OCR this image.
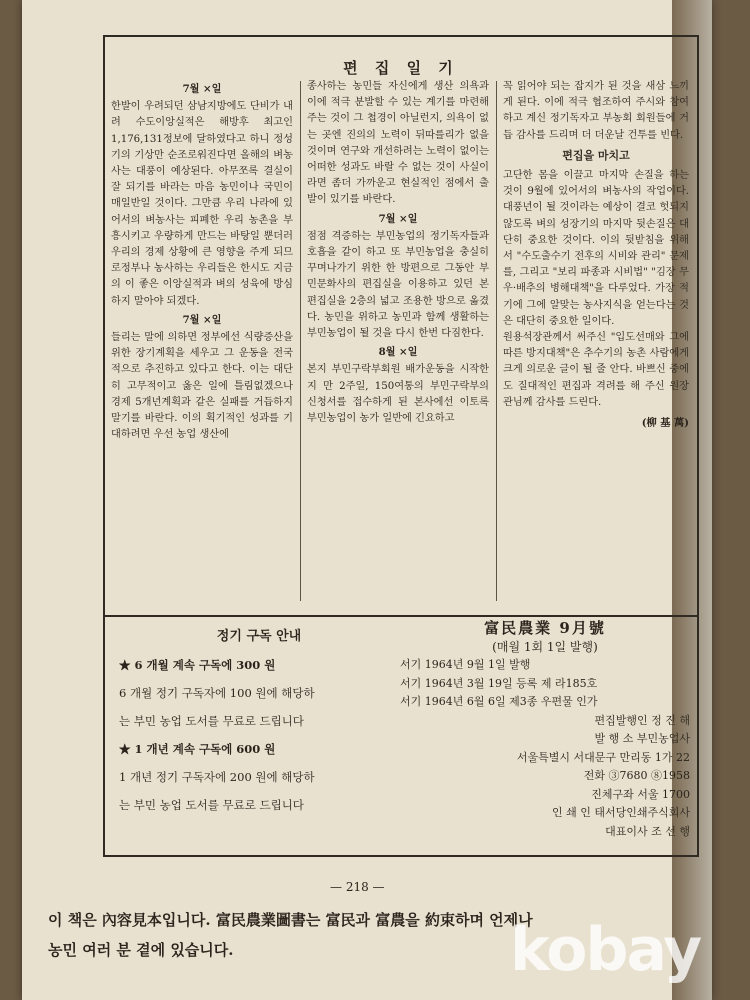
편 집 일 기
7월 ×일

한발이 우려되던 삼남지방에도 단비가 내려 수도이앙실적은 해방후 최고인 1,176,131정보에 달하였다고 하니 정성기의 기상만 순조로워진다면 올해의 벼농사는 대풍이 예상된다. 아무쪼록 결실이 잘 되기를 바라는 마음 농민이나 국민이 매일반일 것이다. 그만큼 우리 나라에 있어서의 벼농사는 피폐한 우리 농촌을 부흥시키고 우량하게 만드는 바탕일 뿐더러 우리의 경제 상황에 큰 영향을 주게 되므로정부나 농사하는 우리들은 한시도 지금의 이 좋은 이앙실적과 벼의 성육에 방심하지 말아야 되겠다.

7월 ×일

들리는 말에 의하면 정부에선 식량증산을 위한 장기계획을 세우고 그 운동을 전국적으로 추진하고 있다고 한다. 이는 대단히 고무적이고 옳은 일에 틀림없겠으나 경제 5개년계획과 같은 실패를 거듭하지 말기를 바란다. 이의 획기적인 성과를 기대하려면 우선 농업 생산에

종사하는 농민들 자신에게 생산 의욕과 이에 적극 분발할 수 있는 계기를 마련해 주는 것이 그 첩경이 아닐런지, 의욕이 없는 곳엔 진의의 노력이 뒤따를리가 없을 것이며 연구와 개선하려는 노력이 없이는 어떠한 성과도 바랄 수 없는 것이 사실이라면 좀더 가까운고 현실적인 점에서 출발이 있기를 바란다.

7월 ×일

점점 격증하는 부민농업의 정기독자들과 호흡을 같이 하고 또 부민농업을 충실히 꾸며나가기 위한 한 방편으로 그동안 부민문화사의 편집실을 이용하고 있던 본 편집실을 2층의 넓고 조용한 방으로 옮겼다. 농민을 위하고 농민과 함께 생활하는 부민농업이 될 것을 다시 한번 다짐한다.

8월 ×일

본지 부민구락부회원 배가운동을 시작한지 만 2주일, 150여통의 부민구락부의 신청서를 접수하게 된 본사에선 이토록 부민농업이 농가 일반에 긴요하고

꼭 읽어야 되는 잡지가 된 것을 새삼 느끼게 된다. 이에 적극 협조하여 주시와 참여하고 계신 정기독자고 부농회 회원들에 거듭 감사를 드리며 더 더운날 건투를 빈다.

편집을 마치고

고단한 몸을 이끌고 마지막 손질을 하는 것이 9월에 있어서의 벼농사의 작업이다. 대풍년이 될 것이라는 예상이 결코 헛되지 않도록 벼의 성장기의 마지막 뒷손질은 대단히 중요한 것이다. 이의 뒷받침을 위해서 "수도출수기 전후의 시비와 관리" 문제를, 그리고 "보리 파종과 시비법" "김장 무우·배추의 병해대책"을 다루었다. 가장 적기에 그에 알맞는 농사지식을 얻는다는 것은 대단히 중요한 일이다.

원용석장관께서 써주신 "입도선매와 그에 따른 방지대책"은 추수기의 농촌 사람에게 크게 의로운 글이 될 줄 안다. 바쁘신 중에도 질대적인 편집과 격려를 해 주신 원장관님께 감사를 드린다.

(柳 基 萬)
정기 구독 안내
★ 6 개월 계속 구독에 300 원
6 개월 정기 구독자에 100 원에 해당하
는 부민 농업 도서를 무료로 드립니다
★ 1 개년 계속 구독에 600 원
1 개년 정기 구독자에 200 원에 해당하
는 부민 농업 도서를 무료로 드립니다
富民農業 9月號
(매월 1회 1일 발행)
서기 1964년 9월 1일 발행
서기 1964년 3월 19일 등록 제 라185호
서기 1964년 6월 6일 제3종 우편물 인가
편집발행인 정 진 해
발 행 소 부민농업사
서울특별시 서대문구 만리동 1가 22
전화 ③7680 ⑧1958
진체구좌 서울 1700
인 쇄 인 태서당인쇄주식회사
대표이사 조 선 행
— 218 —
이 책은 內容見本입니다. 富民農業圖書는 富民과 富農을 約束하며 언제나
농민 여러 분 곁에 있습니다.	kobay
